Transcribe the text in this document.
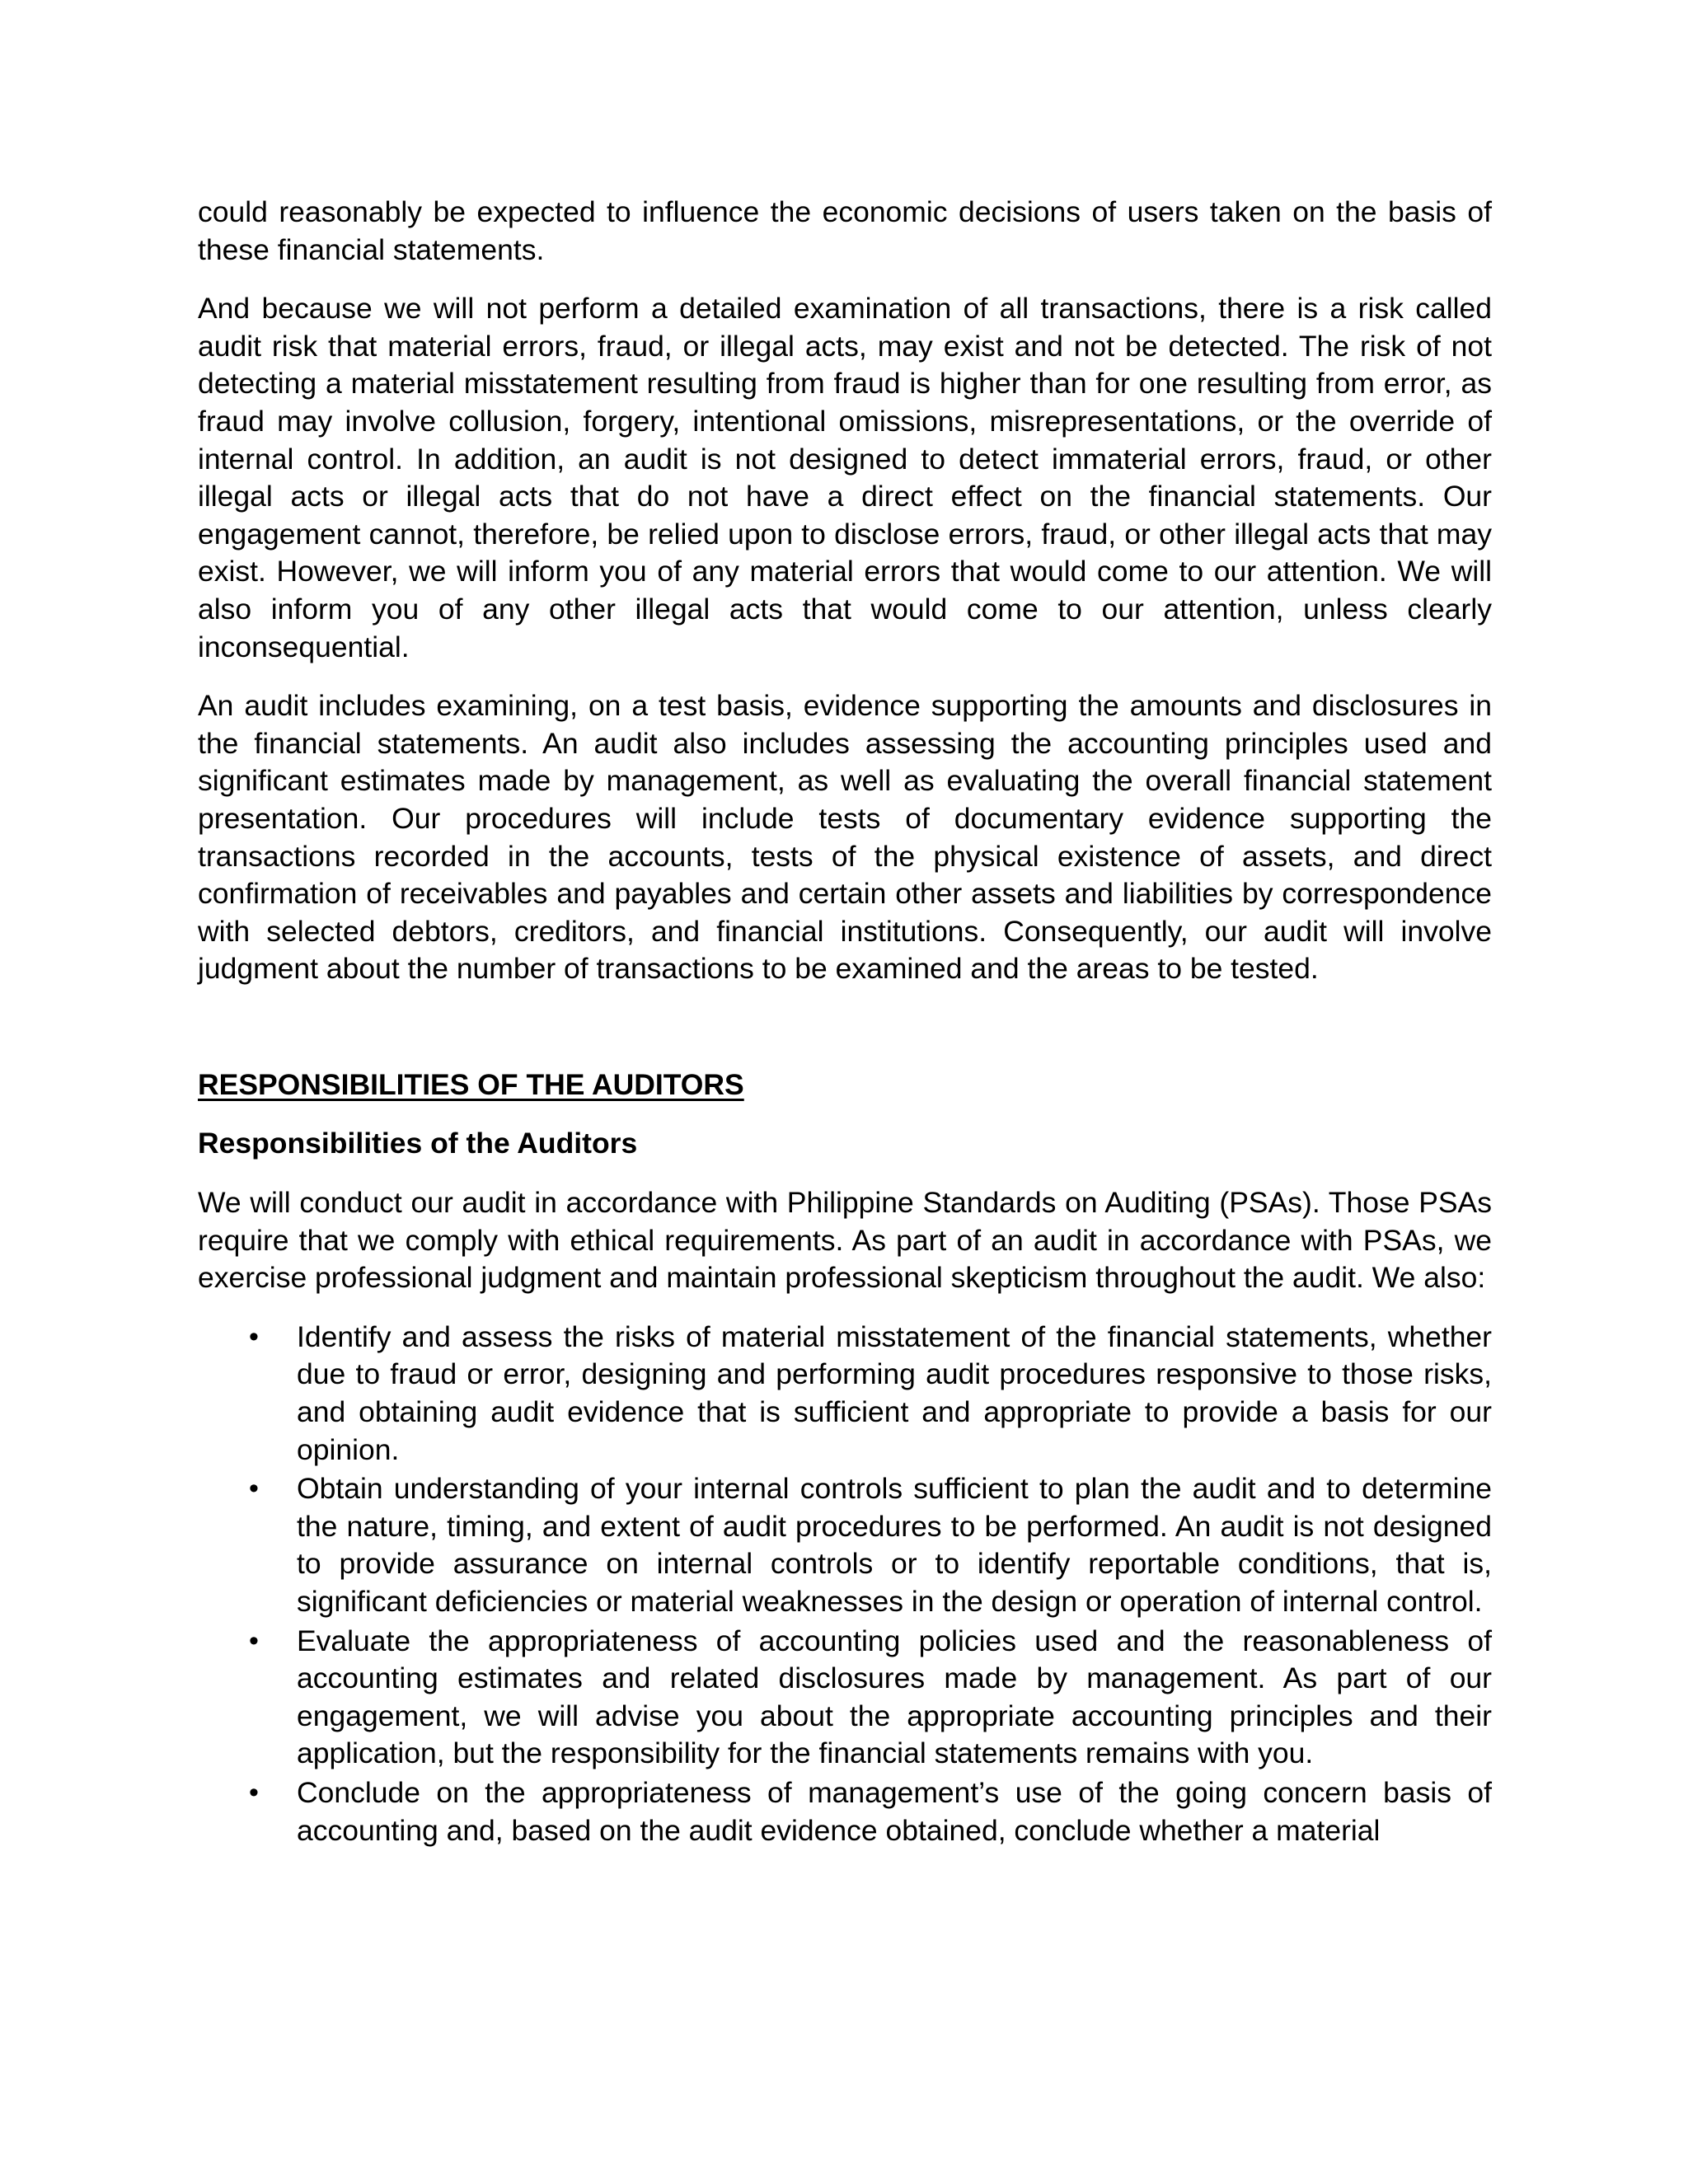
could reasonably be expected to influence the economic decisions of users taken on the basis of these financial statements.

And because we will not perform a detailed examination of all transactions, there is a risk called audit risk that material errors, fraud, or illegal acts, may exist and not be detected. The risk of not detecting a material misstatement resulting from fraud is higher than for one resulting from error, as fraud may involve collusion, forgery, intentional omissions, misrepresentations, or the override of internal control. In addition, an audit is not designed to detect immaterial errors, fraud, or other illegal acts or illegal acts that do not have a direct effect on the financial statements. Our engagement cannot, therefore, be relied upon to disclose errors, fraud, or other illegal acts that may exist. However, we will inform you of any material errors that would come to our attention. We will also inform you of any other illegal acts that would come to our attention, unless clearly inconsequential.

An audit includes examining, on a test basis, evidence supporting the amounts and disclosures in the financial statements. An audit also includes assessing the accounting principles used and significant estimates made by management, as well as evaluating the overall financial statement presentation. Our procedures will include tests of documentary evidence supporting the transactions recorded in the accounts, tests of the physical existence of assets, and direct confirmation of receivables and payables and certain other assets and liabilities by correspondence with selected debtors, creditors, and financial institutions. Consequently, our audit will involve judgment about the number of transactions to be examined and the areas to be tested.

RESPONSIBILITIES OF THE AUDITORS
Responsibilities of the Auditors

We will conduct our audit in accordance with Philippine Standards on Auditing (PSAs). Those PSAs require that we comply with ethical requirements. As part of an audit in accordance with PSAs, we exercise professional judgment and maintain professional skepticism throughout the audit. We also:

• Identify and assess the risks of material misstatement of the financial statements, whether due to fraud or error, designing and performing audit procedures responsive to those risks, and obtaining audit evidence that is sufficient and appropriate to provide a basis for our opinion.
• Obtain understanding of your internal controls sufficient to plan the audit and to determine the nature, timing, and extent of audit procedures to be performed. An audit is not designed to provide assurance on internal controls or to identify reportable conditions, that is, significant deficiencies or material weaknesses in the design or operation of internal control.
• Evaluate the appropriateness of accounting policies used and the reasonableness of accounting estimates and related disclosures made by management. As part of our engagement, we will advise you about the appropriate accounting principles and their application, but the responsibility for the financial statements remains with you.
• Conclude on the appropriateness of management’s use of the going concern basis of accounting and, based on the audit evidence obtained, conclude whether a material
